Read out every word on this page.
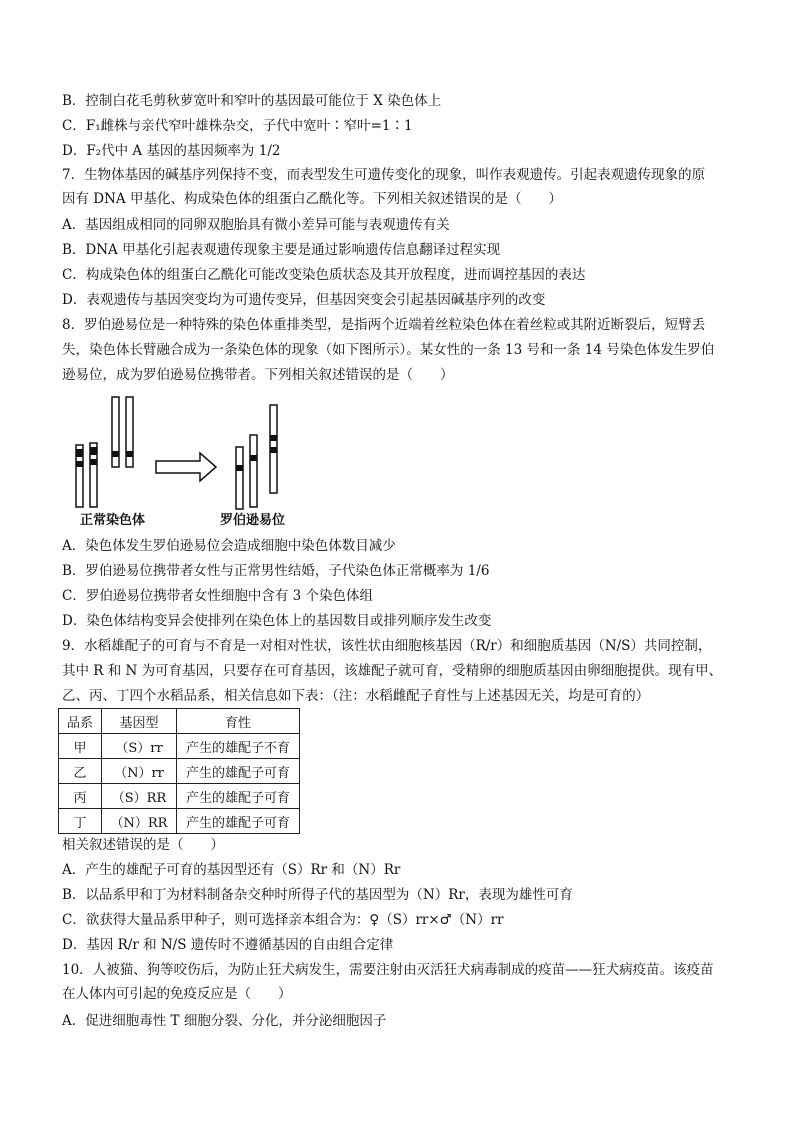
B．控制白花毛剪秋萝宽叶和窄叶的基因最可能位于 X 染色体上
C．F₁雌株与亲代窄叶雄株杂交，子代中宽叶∶窄叶=1∶1
D．F₂代中 A 基因的基因频率为 1/2
7．生物体基因的碱基序列保持不变，而表型发生可遗传变化的现象，叫作表观遗传。引起表观遗传现象的原
因有 DNA 甲基化、构成染色体的组蛋白乙酰化等。下列相关叙述错误的是（　　）
A．基因组成相同的同卵双胞胎具有微小差异可能与表观遗传有关
B．DNA 甲基化引起表观遗传现象主要是通过影响遗传信息翻译过程实现
C．构成染色体的组蛋白乙酰化可能改变染色质状态及其开放程度，进而调控基因的表达
D．表观遗传与基因突变均为可遗传变异，但基因突变会引起基因碱基序列的改变
8．罗伯逊易位是一种特殊的染色体重排类型，是指两个近端着丝粒染色体在着丝粒或其附近断裂后，短臂丢
失，染色体长臂融合成为一条染色体的现象（如下图所示）。某女性的一条 13 号和一条 14 号染色体发生罗伯
逊易位，成为罗伯逊易位携带者。下列相关叙述错误的是（　　）
A．染色体发生罗伯逊易位会造成细胞中染色体数目减少
B．罗伯逊易位携带者女性与正常男性结婚，子代染色体正常概率为 1/6
C．罗伯逊易位携带者女性细胞中含有 3 个染色体组
D．染色体结构变异会使排列在染色体上的基因数目或排列顺序发生改变
9．水稻雄配子的可育与不育是一对相对性状，该性状由细胞核基因（R/r）和细胞质基因（N/S）共同控制，
其中 R 和 N 为可育基因，只要存在可育基因，该雄配子就可育，受精卵的细胞质基因由卵细胞提供。现有甲、
乙、丙、丁四个水稻品系，相关信息如下表：（注：水稻雌配子育性与上述基因无关，均是可育的）
相关叙述错误的是（　　）
A．产生的雄配子可育的基因型还有（S）Rr 和（N）Rr
B．以品系甲和丁为材料制备杂交种时所得子代的基因型为（N）Rr，表现为雄性可育
C．欲获得大量品系甲种子，则可选择亲本组合为：♀（S）rr×♂（N）rr
D．基因 R/r 和 N/S 遗传时不遵循基因的自由组合定律
10．人被猫、狗等咬伤后，为防止狂犬病发生，需要注射由灭活狂犬病毒制成的疫苗——狂犬病疫苗。该疫苗
在人体内可引起的免疫反应是（　　）
A．促进细胞毒性 T 细胞分裂、分化，并分泌细胞因子
正常染色体	罗伯逊易位
品系	基因型	育性
甲	（S）rr	产生的雄配子不育
乙	（N）rr	产生的雄配子可育
丙	（S）RR	产生的雄配子可育
丁	（N）RR	产生的雄配子可育
